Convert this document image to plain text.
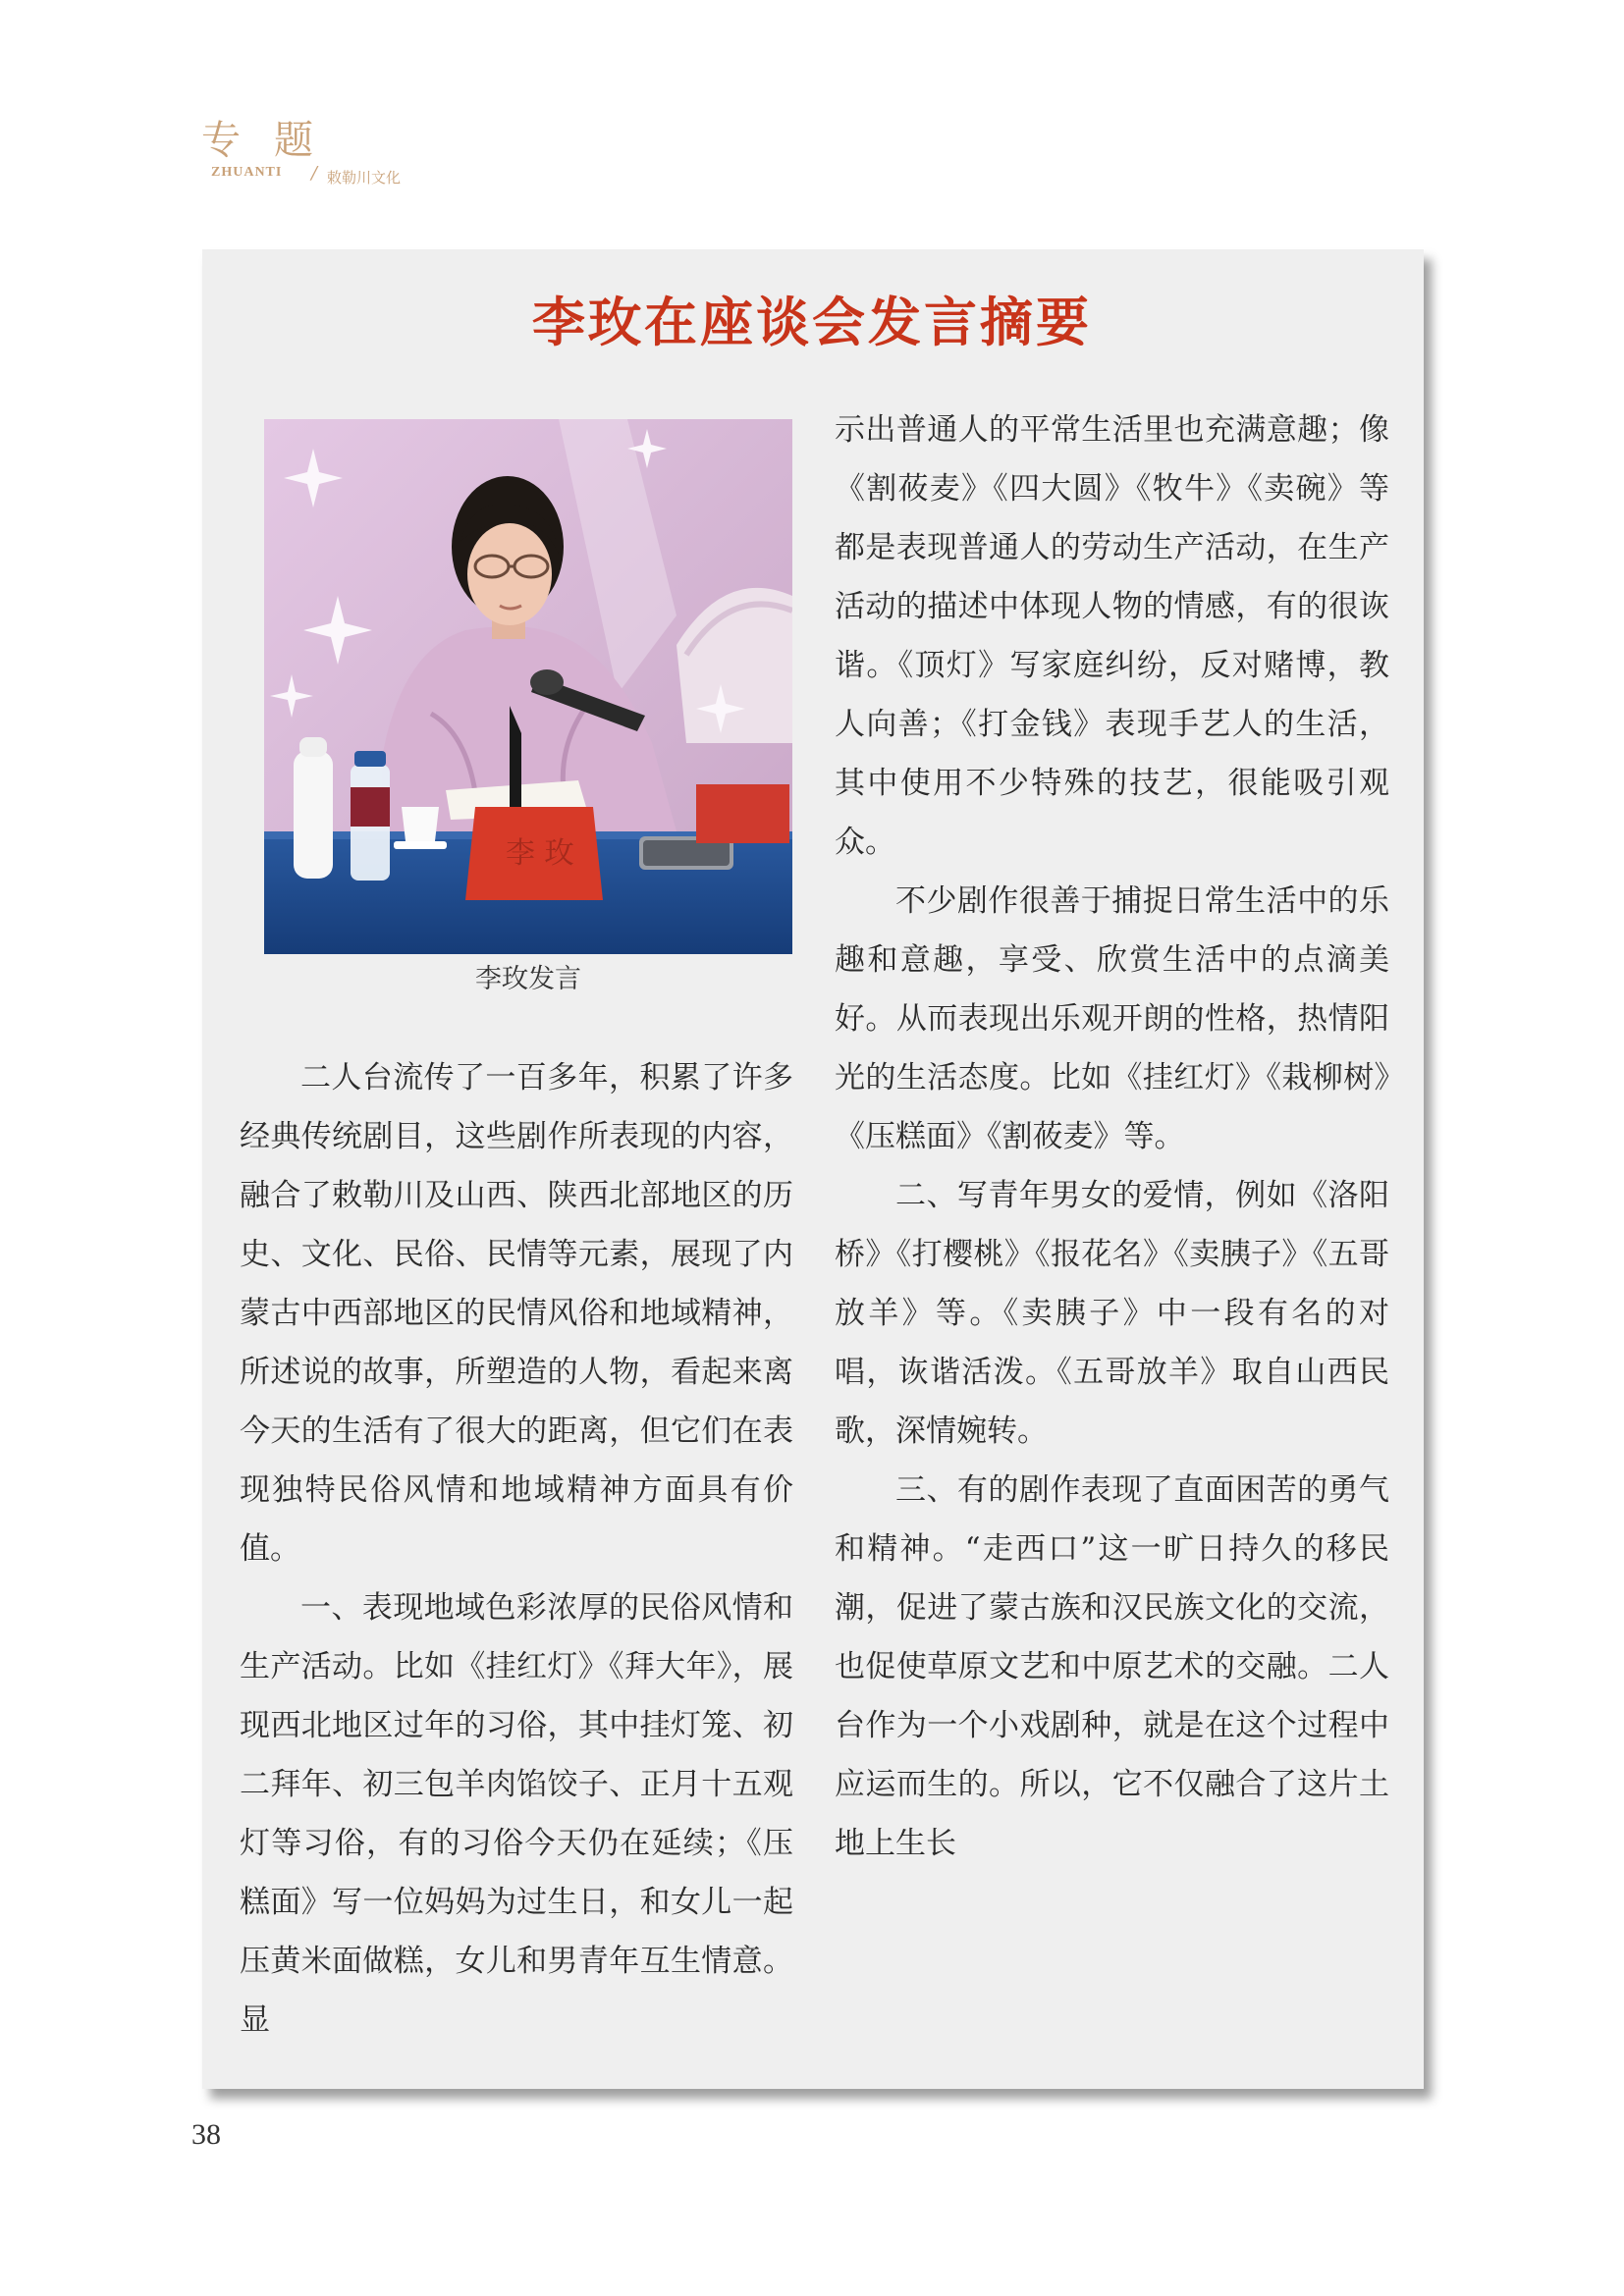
专题
ZHUANTI / 敕勒川文化
李玫在座谈会发言摘要
李 玫
李玫发言

二人台流传了一百多年，积累了许多经典传统剧目，这些剧作所表现的内容，融合了敕勒川及山西、陕西北部地区的历史、文化、民俗、民情等元素，展现了内蒙古中西部地区的民情风俗和地域精神，所述说的故事，所塑造的人物，看起来离今天的生活有了很大的距离，但它们在表现独特民俗风情和地域精神方面具有价值。

一、表现地域色彩浓厚的民俗风情和生产活动。比如《挂红灯》《拜大年》，展现西北地区过年的习俗，其中挂灯笼、初二拜年、初三包羊肉馅饺子、正月十五观灯等习俗，有的习俗今天仍在延续；《压糕面》写一位妈妈为过生日，和女儿一起压黄米面做糕，女儿和男青年互生情意。显

示出普通人的平常生活里也充满意趣；像《割莜麦》《四大圆》《牧牛》《卖碗》等都是表现普通人的劳动生产活动，在生产活动的描述中体现人物的情感，有的很诙谐。《顶灯》写家庭纠纷，反对赌博，教人向善；《打金钱》表现手艺人的生活，其中使用不少特殊的技艺，很能吸引观众。

不少剧作很善于捕捉日常生活中的乐趣和意趣，享受、欣赏生活中的点滴美好。从而表现出乐观开朗的性格，热情阳光的生活态度。比如《挂红灯》《栽柳树》《压糕面》《割莜麦》等。

二、写青年男女的爱情，例如《洛阳桥》《打樱桃》《报花名》《卖胰子》《五哥放羊》等。《卖胰子》中一段有名的对唱，诙谐活泼。《五哥放羊》取自山西民歌，深情婉转。

三、有的剧作表现了直面困苦的勇气和精神。“走西口”这一旷日持久的移民潮，促进了蒙古族和汉民族文化的交流，也促使草原文艺和中原艺术的交融。二人台作为一个小戏剧种，就是在这个过程中应运而生的。所以，它不仅融合了这片土地上生长

38
